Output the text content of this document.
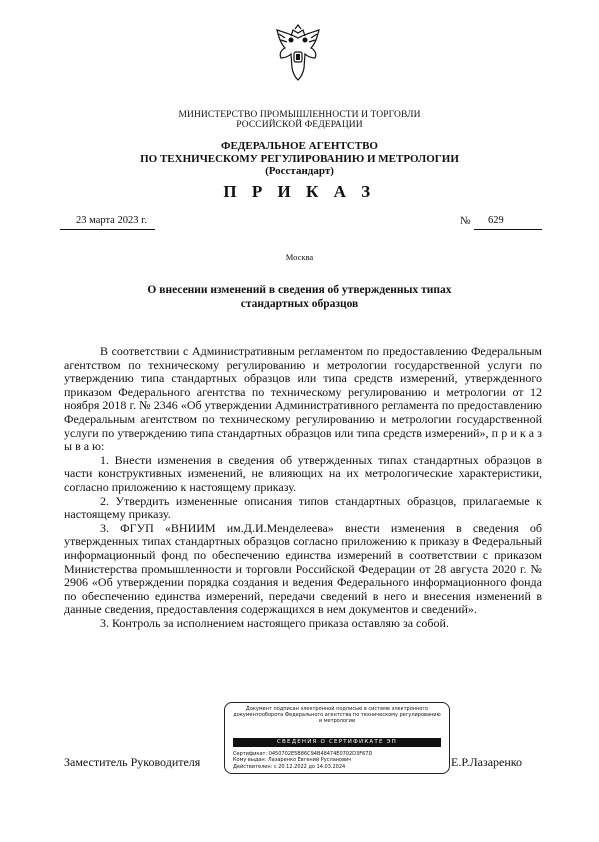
МИНИСТЕРСТВО ПРОМЫШЛЕННОСТИ И ТОРГОВЛИ
РОССИЙСКОЙ ФЕДЕРАЦИИ
ФЕДЕРАЛЬНОЕ АГЕНТСТВО
ПО ТЕХНИЧЕСКОМУ РЕГУЛИРОВАНИЮ И МЕТРОЛОГИИ
(Росстандарт)
П Р И К А З
23 марта 2023 г.	№ 629
Москва
О внесении изменений в сведения об утвержденных типах
стандартных образцов

В соответствии с Административным регламентом по предоставлению Федеральным агентством по техническому регулированию и метрологии государственной услуги по утверждению типа стандартных образцов или типа средств измерений, утвержденного приказом Федерального агентства по техническому регулированию и метрологии от 12 ноября 2018 г. № 2346 «Об утверждении Административного регламента по предоставлению Федеральным агентством по техническому регулированию и метрологии государственной услуги по утверждению типа стандартных образцов или типа средств измерений», п р и к а з ы в а ю:

1. Внести изменения в сведения об утвержденных типах стандартных образцов в части конструктивных изменений, не влияющих на их метрологические характеристики, согласно приложению к настоящему приказу.

2. Утвердить измененные описания типов стандартных образцов, прилагаемые к настоящему приказу.

3. ФГУП «ВНИИМ им.Д.И.Менделеева» внести изменения в сведения об утвержденных типах стандартных образцов согласно приложению к приказу в Федеральный информационный фонд по обеспечению единства измерений в соответствии с приказом Министерства промышленности и торговли Российской Федерации от 28 августа 2020 г. № 2906 «Об утверждении порядка создания и ведения Федерального информационного фонда по обеспечению единства измерений, передачи сведений в него и внесения изменений в данные сведения, предоставления содержащихся в нем документов и сведений».

3. Контроль за исполнением настоящего приказа оставляю за собой.

Документ подписан электронной подписью в системе электронного документооборота Федерального агентства по техническому регулированию и метрологии
СВЕДЕНИЯ О СЕРТИФИКАТЕ ЭП
Сертификат: 0450702E5B86C94B48474E0702D3F67D
Кому выдан: Лазаренко Евгений Русланович
Действителен: с 20.12.2022 до 14.03.2024
Заместитель Руководителя	Е.Р.Лазаренко
